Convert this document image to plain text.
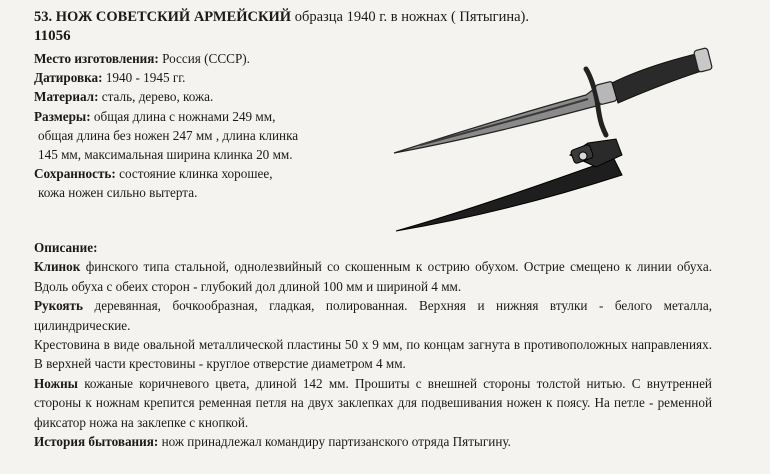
53. НОЖ СОВЕТСКИЙ АРМЕЙСКИЙ образца 1940 г. в ножнах ( Пятыгина).
11056

Место изготовления: Россия (СССР).

Датировка: 1940 - 1945 гг.

Материал: сталь, дерево, кожа.

Размеры: общая длина с ножнами 249 мм,

общая длина без ножен 247 мм , длина клинка

145 мм, максимальная ширина клинка 20 мм.

Сохранность: состояние клинка хорошее,

кожа ножен сильно вытерта.

Описание:

Клинок финского типа стальной, однолезвийный со скошенным к острию обухом. Острие смещено к линии обуха. Вдоль обуха с обеих сторон - глубокий дол длиной 100 мм и шириной 4 мм.

Рукоять деревянная, бочкообразная, гладкая, полированная. Верхняя и нижняя втулки - белого металла, цилиндрические.

Крестовина в виде овальной металлической пластины 50 х 9 мм, по концам загнута в противоположных направлениях. В верхней части крестовины - круглое отверстие диаметром 4 мм.

Ножны кожаные коричневого цвета, длиной 142 мм. Прошиты с внешней стороны толстой нитью. С внутренней стороны к ножнам крепится ременная петля на двух заклепках для подвешивания ножен к поясу. На петле - ременной фиксатор ножа на заклепке с кнопкой.

История бытования: нож принадлежал командиру партизанского отряда Пятыгину.
